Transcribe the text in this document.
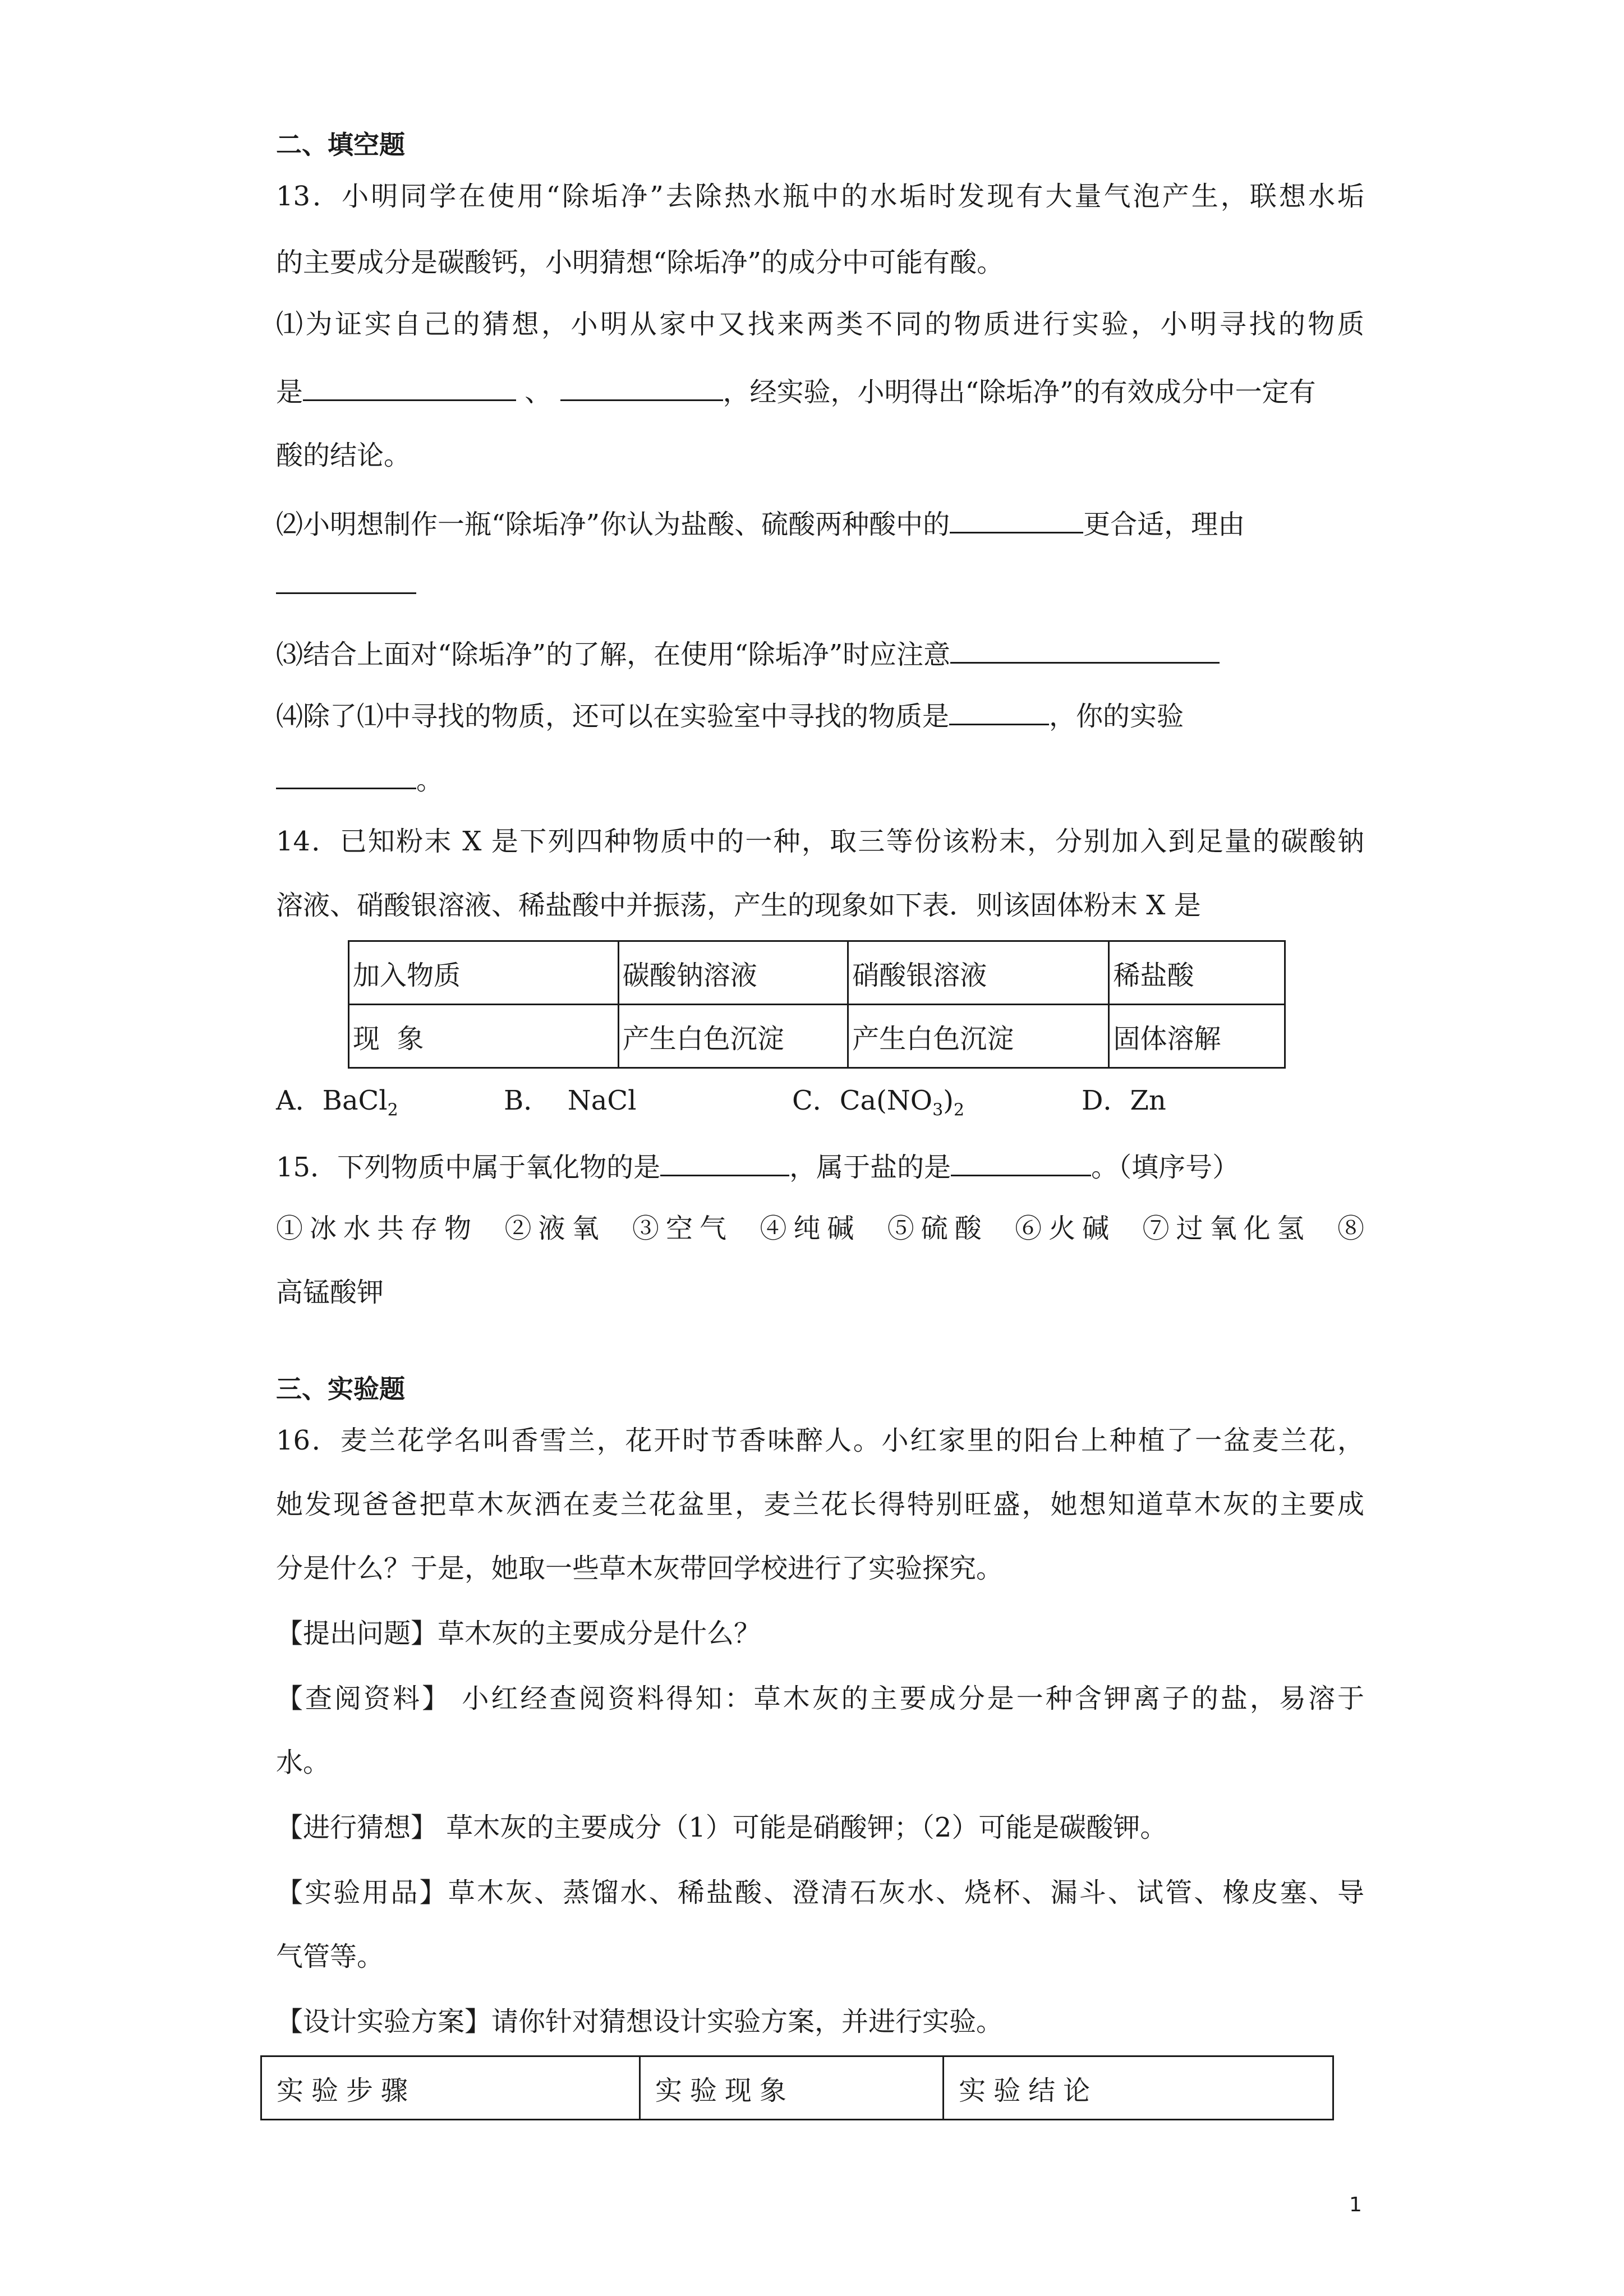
二、填空题
13．小明同学在使用“除垢净”去除热水瓶中的水垢时发现有大量气泡产生，联想水垢
的主要成分是碳酸钙，小明猜想“除垢净”的成分中可能有酸。
⑴为证实自己的猜想，小明从家中又找来两类不同的物质进行实验，小明寻找的物质
是	、	，经实验，小明得出“除垢净”的有效成分中一定有
酸的结论。
⑵小明想制作一瓶“除垢净”你认为盐酸、硫酸两种酸中的	更合适，理由
⑶结合上面对“除垢净”的了解，在使用“除垢净”时应注意
⑷除了⑴中寻找的物质，还可以在实验室中寻找的物质是	，你的实验
。
14．已知粉末 X 是下列四种物质中的一种，取三等份该粉末，分别加入到足量的碳酸钠
溶液、硝酸银溶液、稀盐酸中并振荡，产生的现象如下表．则该固体粉末 X 是
加入物质	碳酸钠溶液	硝酸银溶液	稀盐酸
现  象	产生白色沉淀	产生白色沉淀	固体溶解
A．BaCl$_2$	B．  NaCl	C．$Ca(NO_3)_2$	D．Zn
15．下列物质中属于氧化物的是	，属于盐的是	。（填序号）
①冰水共存物 ②液氧 ③空气 ④纯碱 ⑤硫酸 ⑥火碱 ⑦过氧化氢 ⑧
高锰酸钾
三、实验题
16．麦兰花学名叫香雪兰，花开时节香味醉人。小红家里的阳台上种植了一盆麦兰花，
她发现爸爸把草木灰洒在麦兰花盆里，麦兰花长得特别旺盛，她想知道草木灰的主要成
分是什么？于是，她取一些草木灰带回学校进行了实验探究。
【提出问题】草木灰的主要成分是什么？
【查阅资料】 小红经查阅资料得知：草木灰的主要成分是一种含钾离子的盐，易溶于
水。
【进行猜想】 草木灰的主要成分（1）可能是硝酸钾；（2）可能是碳酸钾。
【实验用品】草木灰、蒸馏水、稀盐酸、澄清石灰水、烧杯、漏斗、试管、橡皮塞、导
气管等。
【设计实验方案】请你针对猜想设计实验方案，并进行实验。
实验步骤	实验现象	实验结论
1
